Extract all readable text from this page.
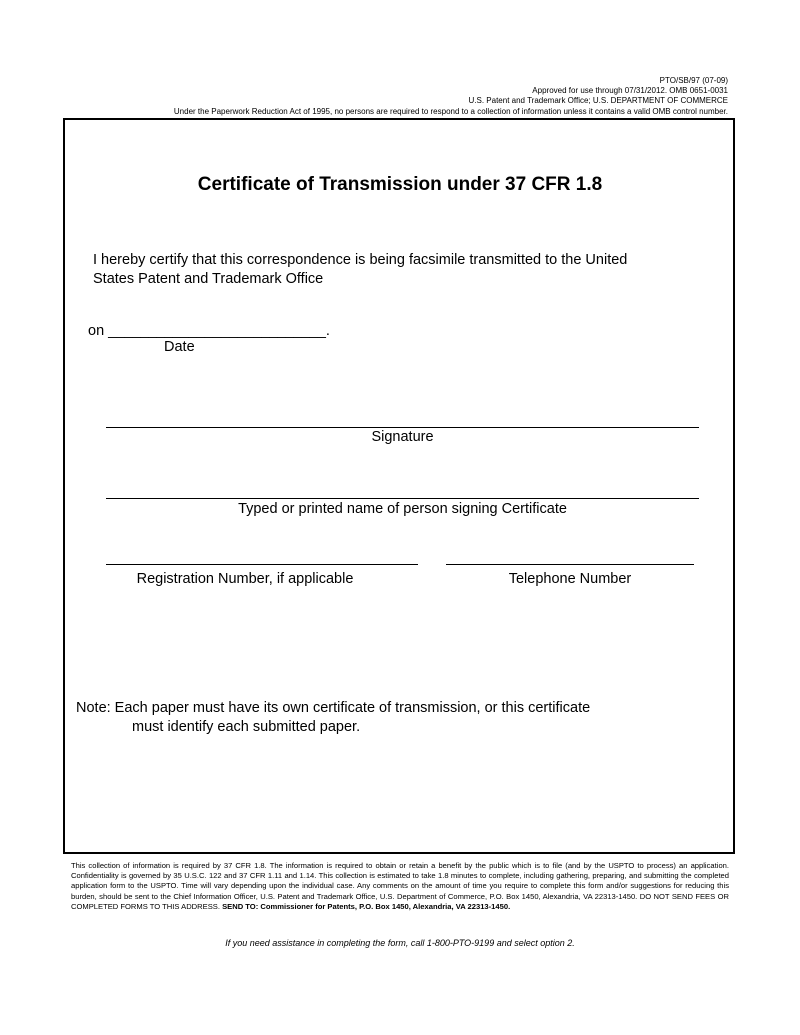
PTO/SB/97 (07-09)
Approved for use through 07/31/2012. OMB 0651-0031
U.S. Patent and Trademark Office; U.S. DEPARTMENT OF COMMERCE
Under the Paperwork Reduction Act of 1995, no persons are required to respond to a collection of information unless it contains a valid OMB control number.
Certificate of Transmission under 37 CFR 1.8
I hereby certify that this correspondence is being facsimile transmitted to the United
States Patent and Trademark Office
on ___________________________.
Date
Signature
Typed or printed name of person signing Certificate
Registration Number, if applicable	Telephone Number
Note: Each paper must have its own certificate of transmission, or this certificate
must identify each submitted paper.
This collection of information is required by 37 CFR 1.8. The information is required to obtain or retain a benefit by the public which is to file (and by the USPTO to process) an application. Confidentiality is governed by 35 U.S.C. 122 and 37 CFR 1.11 and 1.14. This collection is estimated to take 1.8 minutes to complete, including gathering, preparing, and submitting the completed application form to the USPTO. Time will vary depending upon the individual case. Any comments on the amount of time you require to complete this form and/or suggestions for reducing this burden, should be sent to the Chief Information Officer, U.S. Patent and Trademark Office, U.S. Department of Commerce, P.O. Box 1450, Alexandria, VA 22313-1450. DO NOT SEND FEES OR COMPLETED FORMS TO THIS ADDRESS. SEND TO: Commissioner for Patents, P.O. Box 1450, Alexandria, VA 22313-1450.
If you need assistance in completing the form, call 1-800-PTO-9199 and select option 2.
